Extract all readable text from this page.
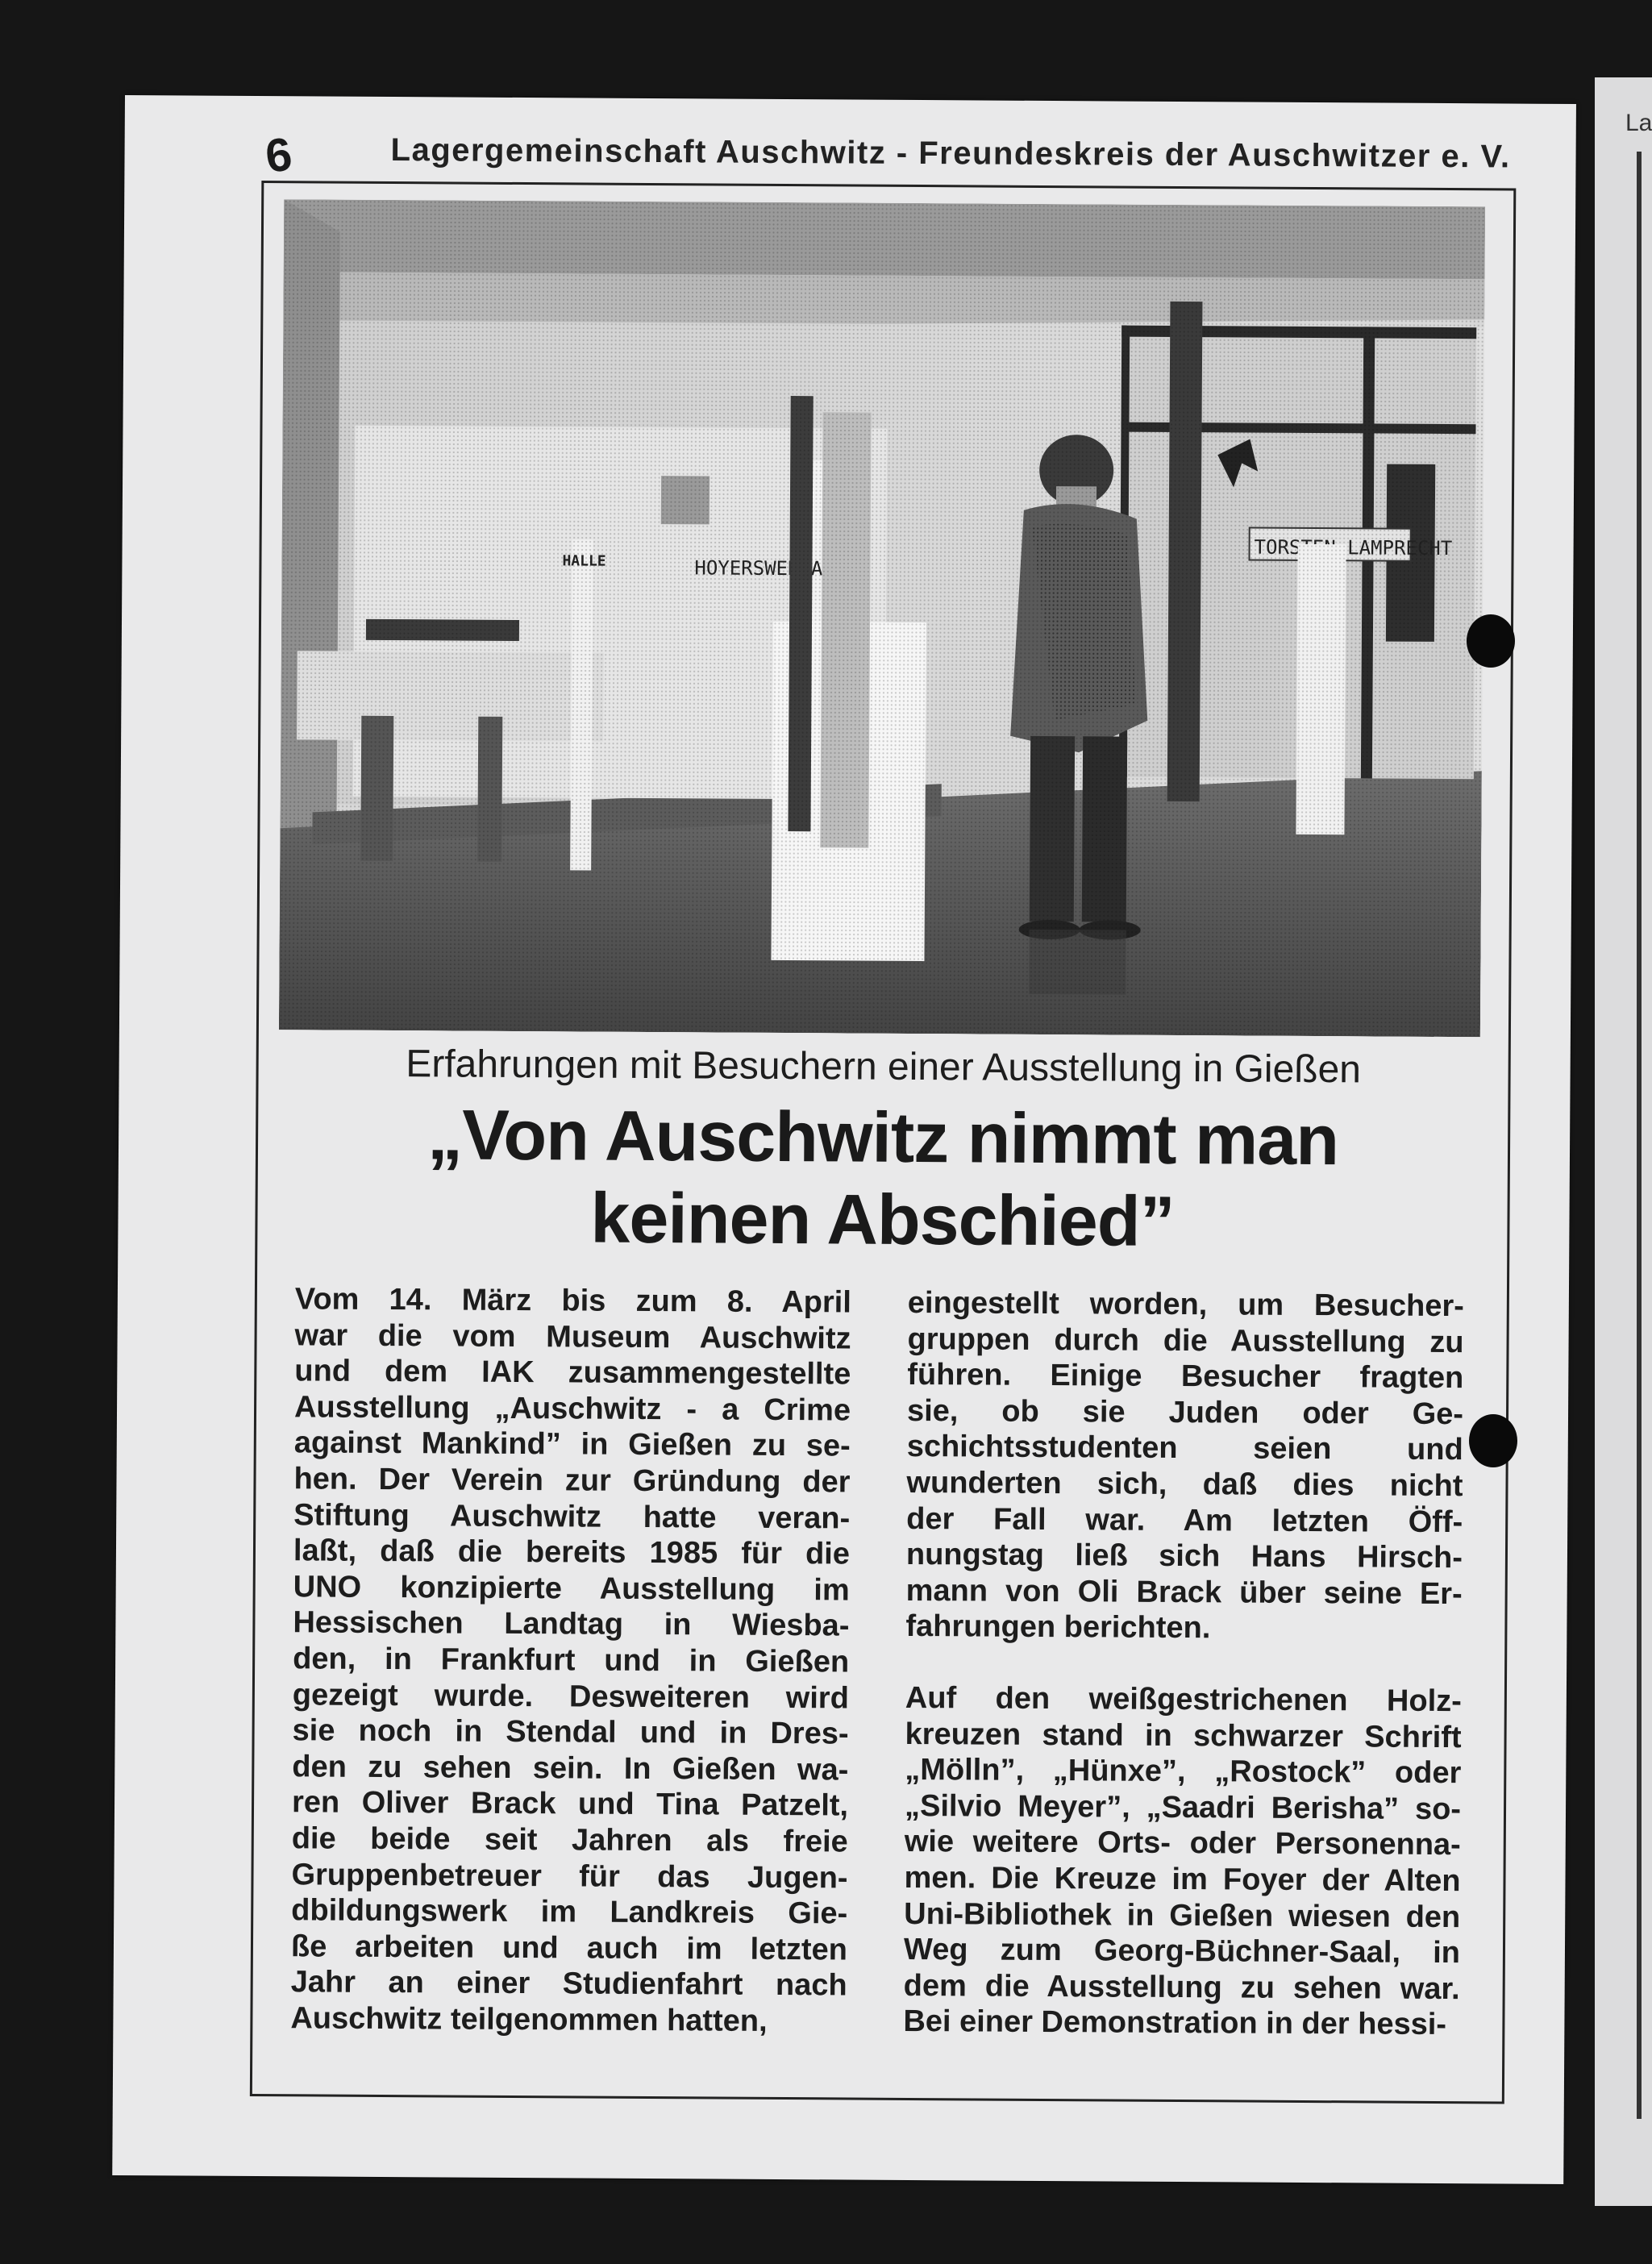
La
6	Lagergemeinschaft Auschwitz - Freundeskreis der Auschwitzer e. V.
Erfahrungen mit Besuchern einer Ausstellung in Gießen
„Von Auschwitz nimmt man
keinen Abschied”
Vom 14. März bis zum 8. April
war die vom Museum Auschwitz
und dem IAK zusammengestellte
Ausstellung „Auschwitz - a Crime
against Mankind” in Gießen zu se-
hen. Der Verein zur Gründung der
Stiftung Auschwitz hatte veran-
laßt, daß die bereits 1985 für die
UNO konzipierte Ausstellung im
Hessischen Landtag in Wiesba-
den, in Frankfurt und in Gießen
gezeigt wurde. Desweiteren wird
sie noch in Stendal und in Dres-
den zu sehen sein. In Gießen wa-
ren Oliver Brack und Tina Patzelt,
die beide seit Jahren als freie
Gruppenbetreuer für das Jugen-
dbildungswerk im Landkreis Gie-
ße arbeiten und auch im letzten
Jahr an einer Studienfahrt nach
Auschwitz teilgenommen hatten,
eingestellt worden, um Besucher-
gruppen durch die Ausstellung zu
führen. Einige Besucher fragten
sie, ob sie Juden oder Ge-
schichtsstudenten seien und
wunderten sich, daß dies nicht
der Fall war. Am letzten Öff-
nungstag ließ sich Hans Hirsch-
mann von Oli Brack über seine Er-
fahrungen berichten.
Auf den weißgestrichenen Holz-
kreuzen stand in schwarzer Schrift
„Mölln”, „Hünxe”, „Rostock” oder
„Silvio Meyer”, „Saadri Berisha” so-
wie weitere Orts- oder Personenna-
men. Die Kreuze im Foyer der Alten
Uni-Bibliothek in Gießen wiesen den
Weg zum Georg-Büchner-Saal, in
dem die Ausstellung zu sehen war.
Bei einer Demonstration in der hessi-
